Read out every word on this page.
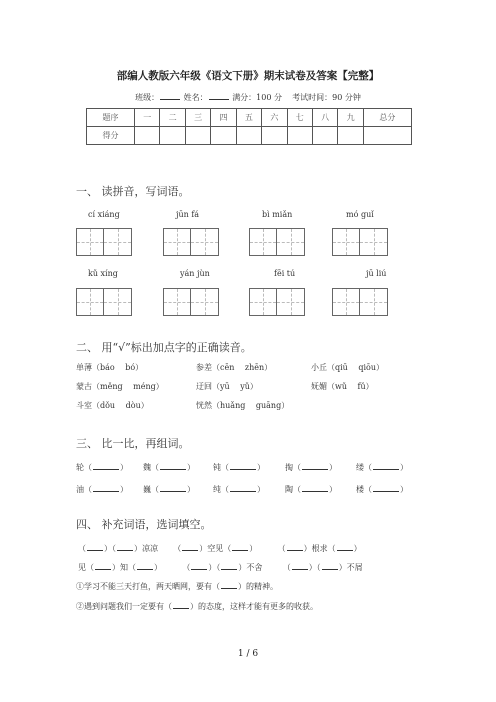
部编人教版六年级《语文下册》期末试卷及答案【完整】
班级：	姓名：	满分：100 分 考试时间：90 分钟
题序	一	二	三	四	五	六	七	八	九	总分
得分										
一、 读拼音，写词语。
cí xiáng	jūn fá	bì miǎn	mó guǐ
kǔ xíng	yán jùn	fēi tú	jū liú
二、 用“√”标出加点字的正确读音。
单薄（báo　 bó）	参差（cēn　 zhēn）	小丘（qiū　 qiōu）
蒙古（měng　 méng）	迂回（yū　 yǔ）	妩媚（wǔ　 fǔ）
斗室（dǒu　 dòu）	恍然（huǎng　 guāng）
三、 比一比，再组词。
轮（	） 魏（	） 钝（	）	掏（	） 缕（	）
油（	） 巍（	） 纯（	）	陶（	） 楼（	）
四、 补充词语，选词填空。
（ ）（ ）凉凉 （ ）空见（ ）	（ ）根求（ ）
见（ ）知（ ）	（ ）（ ）不舍	（ ）（ ）不屑
①学习不能三天打鱼，两天晒网，要有（ ）的精神。
②遇到问题我们一定要有（ ）的态度，这样才能有更多的收获。
1 / 6
